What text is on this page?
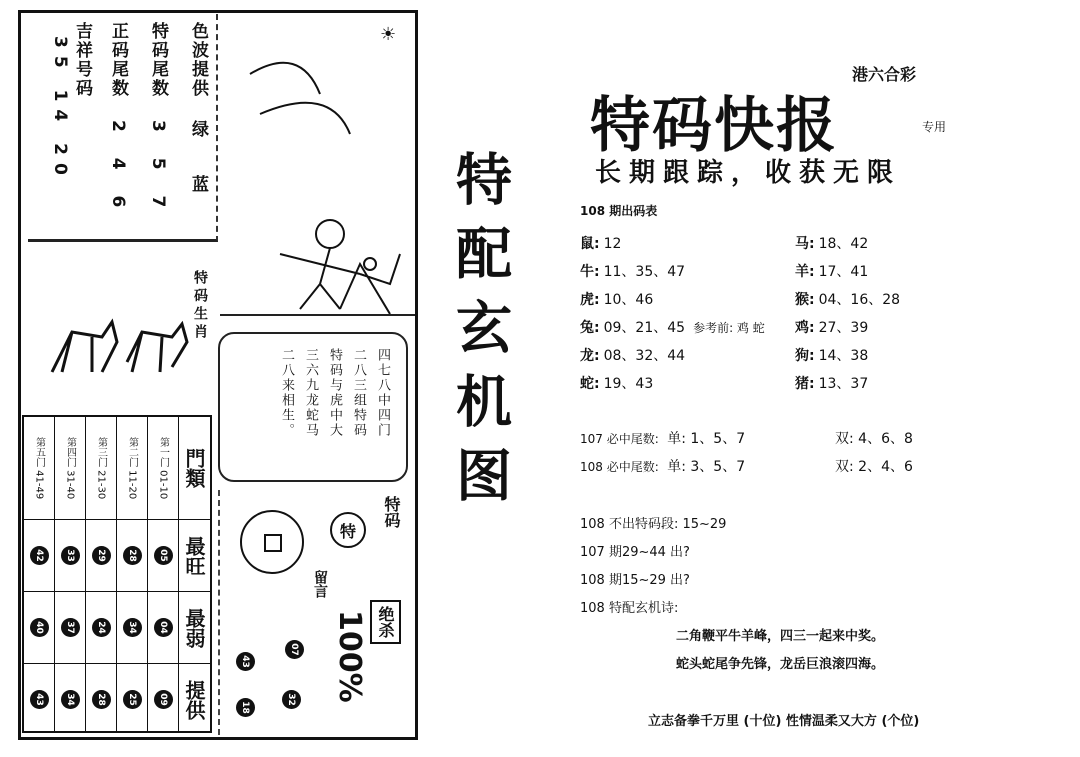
色波提供 绿 蓝
特码尾数 3 5 7
正码尾数 2 4 6
吉祥号码 35 14 20
特码生肖
第五门 41-49
42
40
43
第四门 31-40
33
37
34
第三门 21-30
29
24
28
第二门 11-20
28
34
25
第一门 01-10
05
04
09
門類
最旺
最弱
提供
☀
四七八中四门
二八三组特码
特码与虎中大
三六九龙蛇马
二八来相生。
特码
特
留言
100% 绝杀
07
43
32
18
特配玄机图
特码快报
港六合彩
专用
长期跟踪，收获无限
108 期出码表
鼠: 12
牛: 11、35、47
虎: 10、46
兔: 09、21、45 参考前: 鸡 蛇
龙: 08、32、44
蛇: 19、43
马: 18、42
羊: 17、41
猴: 04、16、28
鸡: 27、39
狗: 14、38
猪: 13、37
107 必中尾数: 单: 1、5、7	双: 4、6、8
108 必中尾数: 单: 3、5、7	双: 2、4、6
108 不出特码段: 15~29
107 期29~44 出?
108 期15~29 出?
108 特配玄机诗:
二角鞭平牛羊峰，四三一起来中奖。
蛇头蛇尾争先锋，龙岳巨浪滚四海。
立志备拳千万里 (十位) 性情温柔又大方 (个位)
